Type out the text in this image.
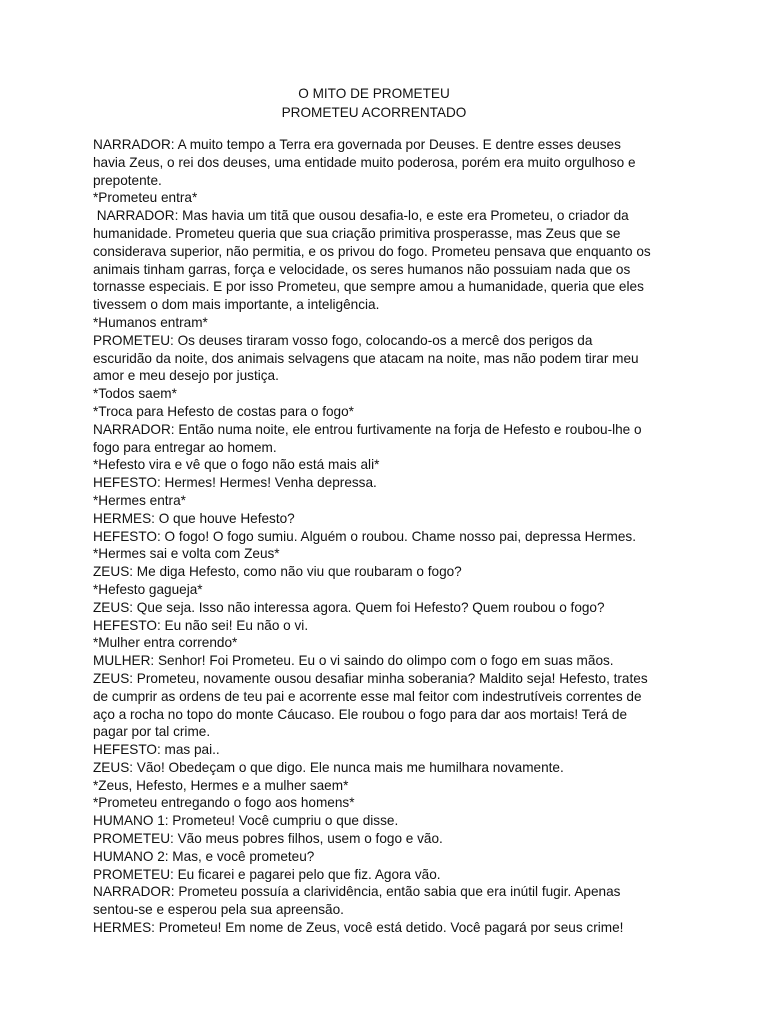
O MITO DE PROMETEU
PROMETEU ACORRENTADO

NARRADOR: A muito tempo a Terra era governada por Deuses. E dentre esses deuses
havia Zeus, o rei dos deuses, uma entidade muito poderosa, porém era muito orgulhoso e
prepotente.

*Prometeu entra*

NARRADOR: Mas havia um titã que ousou desafia-lo, e este era Prometeu, o criador da
humanidade. Prometeu queria que sua criação primitiva prosperasse, mas Zeus que se
considerava superior, não permitia, e os privou do fogo. Prometeu pensava que enquanto os
animais tinham garras, força e velocidade, os seres humanos não possuiam nada que os
tornasse especiais. E por isso Prometeu, que sempre amou a humanidade, queria que eles
tivessem o dom mais importante, a inteligência.

*Humanos entram*

PROMETEU: Os deuses tiraram vosso fogo, colocando-os a mercê dos perigos da
escuridão da noite, dos animais selvagens que atacam na noite, mas não podem tirar meu
amor e meu desejo por justiça.

*Todos saem*

*Troca para Hefesto de costas para o fogo*

NARRADOR: Então numa noite, ele entrou furtivamente na forja de Hefesto e roubou-lhe o
fogo para entregar ao homem.

*Hefesto vira e vê que o fogo não está mais ali*

HEFESTO: Hermes! Hermes! Venha depressa.

*Hermes entra*

HERMES: O que houve Hefesto?

HEFESTO: O fogo! O fogo sumiu. Alguém o roubou. Chame nosso pai, depressa Hermes.

*Hermes sai e volta com Zeus*

ZEUS: Me diga Hefesto, como não viu que roubaram o fogo?

*Hefesto gagueja*

ZEUS: Que seja. Isso não interessa agora. Quem foi Hefesto? Quem roubou o fogo?

HEFESTO: Eu não sei! Eu não o vi.

*Mulher entra correndo*

MULHER: Senhor! Foi Prometeu. Eu o vi saindo do olimpo com o fogo em suas mãos.

ZEUS: Prometeu, novamente ousou desafiar minha soberania? Maldito seja! Hefesto, trates
de cumprir as ordens de teu pai e acorrente esse mal feitor com indestrutíveis correntes de
aço a rocha no topo do monte Cáucaso. Ele roubou o fogo para dar aos mortais! Terá de
pagar por tal crime.

HEFESTO: mas pai..

ZEUS: Vão! Obedeçam o que digo. Ele nunca mais me humilhara novamente.

*Zeus, Hefesto, Hermes e a mulher saem*

*Prometeu entregando o fogo aos homens*

HUMANO 1: Prometeu! Você cumpriu o que disse.

PROMETEU: Vão meus pobres filhos, usem o fogo e vão.

HUMANO 2: Mas, e você prometeu?

PROMETEU: Eu ficarei e pagarei pelo que fiz. Agora vão.

NARRADOR: Prometeu possuía a clarividência, então sabia que era inútil fugir. Apenas
sentou-se e esperou pela sua apreensão.

HERMES: Prometeu! Em nome de Zeus, você está detido. Você pagará por seus crime!
